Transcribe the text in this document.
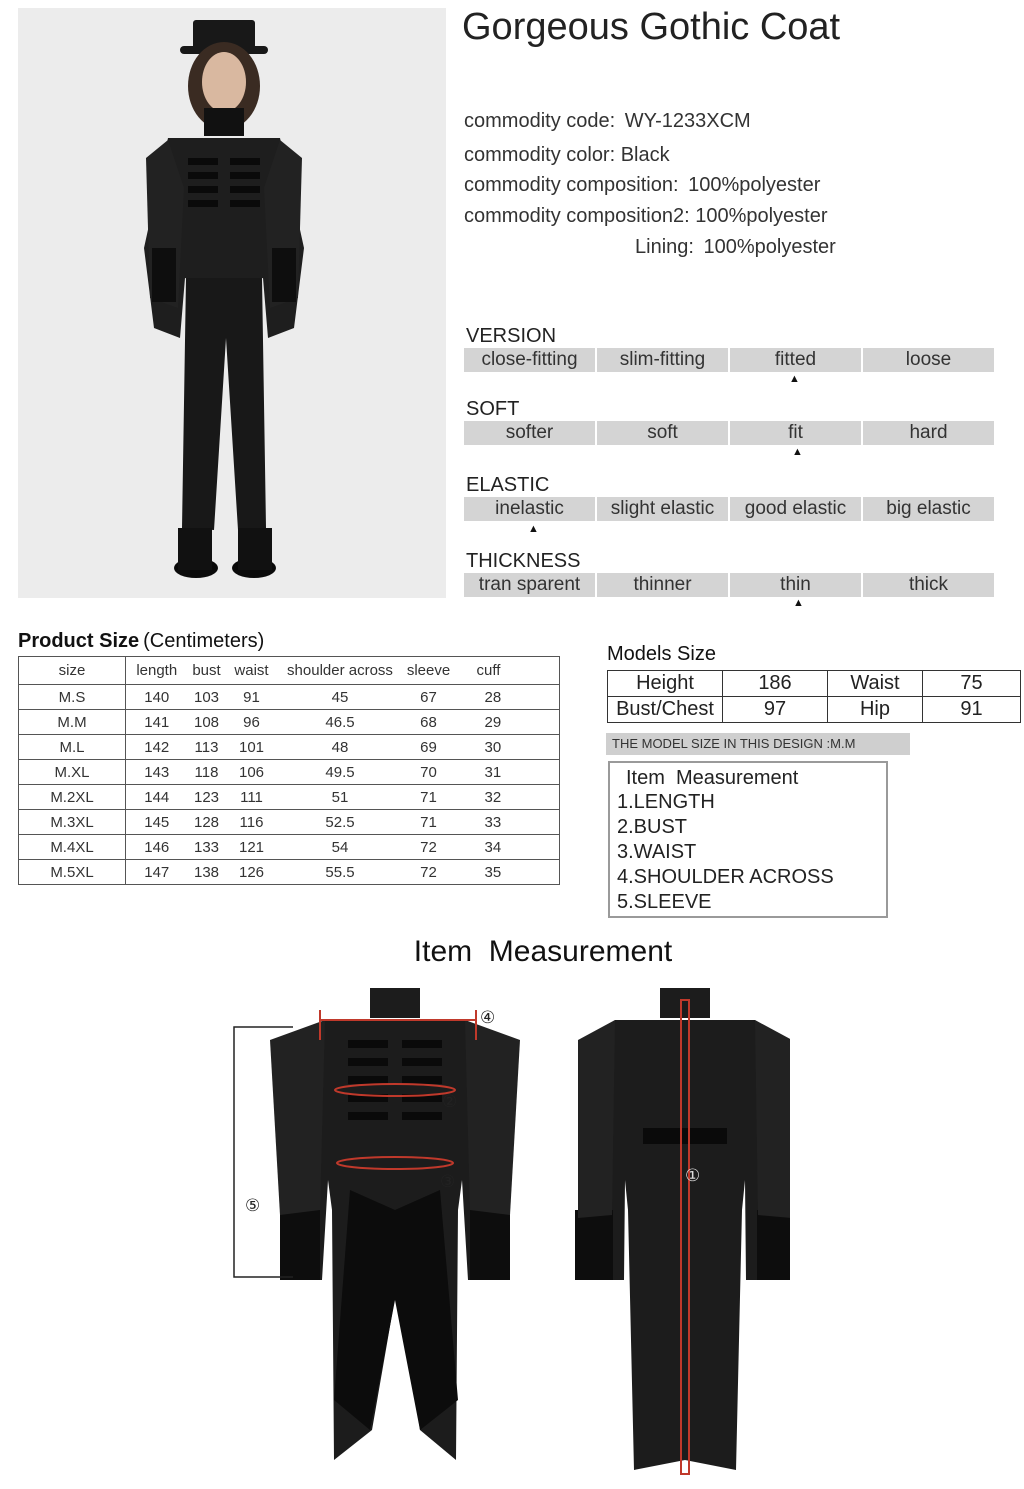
Gorgeous Gothic Coat
commodity code: WY-1233XCM
commodity color: Black
commodity composition: 100%polyester
commodity composition2: 100%polyester
Lining: 100%polyester
VERSION
close-fitting	slim-fitting	fitted	loose
▲
SOFT
softer	soft	fit	hard
▲
ELASTIC
inelastic	slight elastic	good elastic	big elastic
▲
THICKNESS
tran sparent	thinner	thin	thick
▲
Product Size (Centimeters)
size	length	bust	waist	shoulder across	sleeve	cuff
M.S	140	103	91	45	67	28
M.M	141	108	96	46.5	68	29
M.L	142	113	101	48	69	30
M.XL	143	118	106	49.5	70	31
M.2XL	144	123	111	51	71	32
M.3XL	145	128	116	52.5	71	33
M.4XL	146	133	121	54	72	34
M.5XL	147	138	126	55.5	72	35
Models Size
Height	186	Waist	75
Bust/Chest	97	Hip	91
THE MODEL SIZE IN THIS DESIGN :M.M
Item  Measurement
1.LENGTH
2.BUST
3.WAIST
4.SHOULDER ACROSS
5.SLEEVE
Item  Measurement
④
②
③
⑤
①
